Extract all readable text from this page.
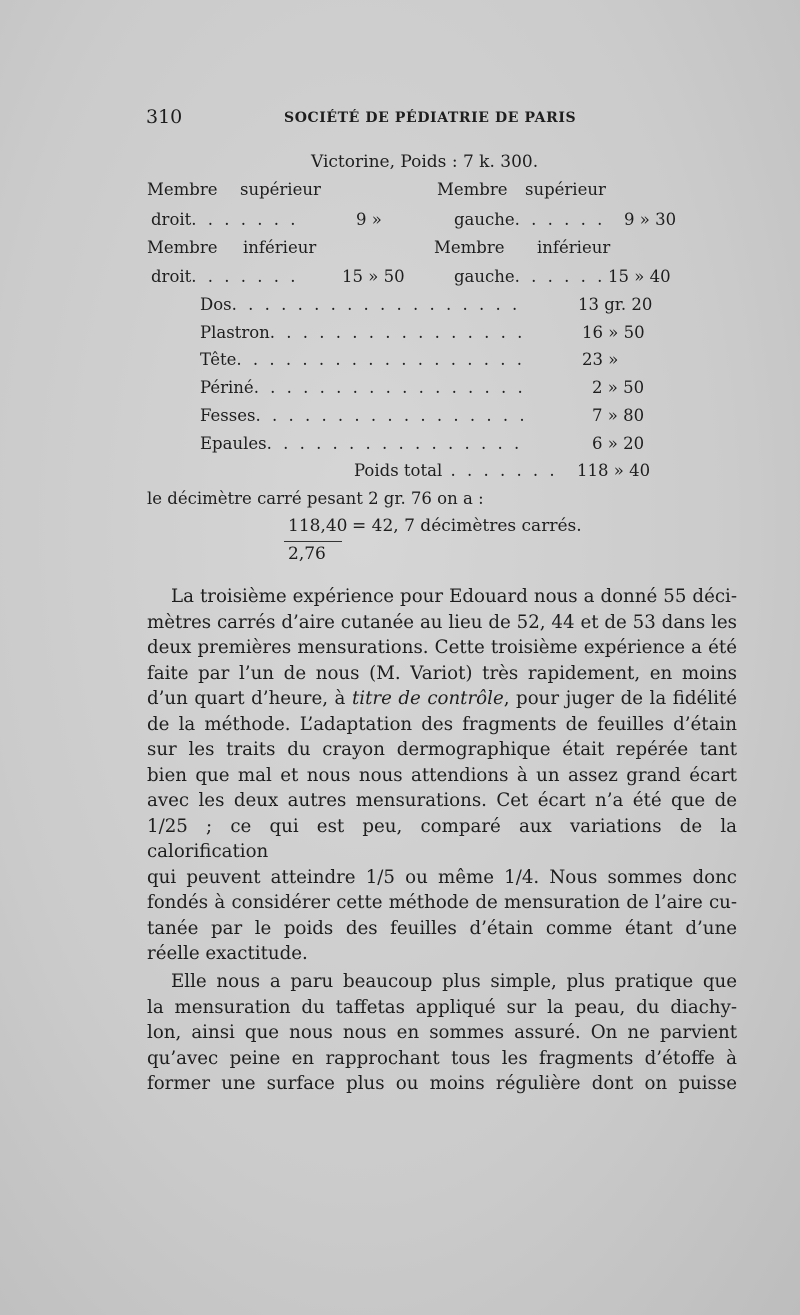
310	SOCIÉTÉ DE PÉDIATRIE DE PARIS
Victorine, Poids : 7 k. 300.
Membre supérieur	Membre supérieur
droit. . . . . . .	9 »	gauche. . . . . . 9 » 30
Membre inférieur	Membre inférieur
droit. . . . . . .	15 » 50	gauche. . . . . . 15 » 40
Dos. . . . . . . . . . . . . . . . . .	13 gr. 20
Plastron. . . . . . . . . . . . . . . .	16 » 50
Tête. . . . . . . . . . . . . . . . . .	23 »
Périné. . . . . . . . . . . . . . . . .	2 » 50
Fesses. . . . . . . . . . . . . . . . .	7 » 80
Epaules. . . . . . . . . . . . . . . .	6 » 20
Poids total . . . . . . . 118 » 40
le décimètre carré pesant 2 gr. 76 on a :
118,40
2,76
= 42, 7 décimètres carrés.
La troisième expérience pour Edouard nous a donné 55 déci-
mètres carrés d’aire cutanée au lieu de 52, 44 et de 53 dans les
deux premières mensurations. Cette troisième expérience a été
faite par l’un de nous (M. Variot) très rapidement, en moins
d’un quart d’heure, à titre de contrôle, pour juger de la fidélité
de la méthode. L’adaptation des fragments de feuilles d’étain
sur les traits du crayon dermographique était repérée tant
bien que mal et nous nous attendions à un assez grand écart
avec les deux autres mensurations. Cet écart n’a été que de
1/25 ; ce qui est peu, comparé aux variations de la calorification
qui peuvent atteindre 1/5 ou même 1/4. Nous sommes donc
fondés à considérer cette méthode de mensuration de l’aire cu-
tanée par le poids des feuilles d’étain comme étant d’une
réelle exactitude.
Elle nous a paru beaucoup plus simple, plus pratique que
la mensuration du taffetas appliqué sur la peau, du diachy-
lon, ainsi que nous nous en sommes assuré. On ne parvient
qu’avec peine en rapprochant tous les fragments d’étoffe à
former une surface plus ou moins régulière dont on puisse
